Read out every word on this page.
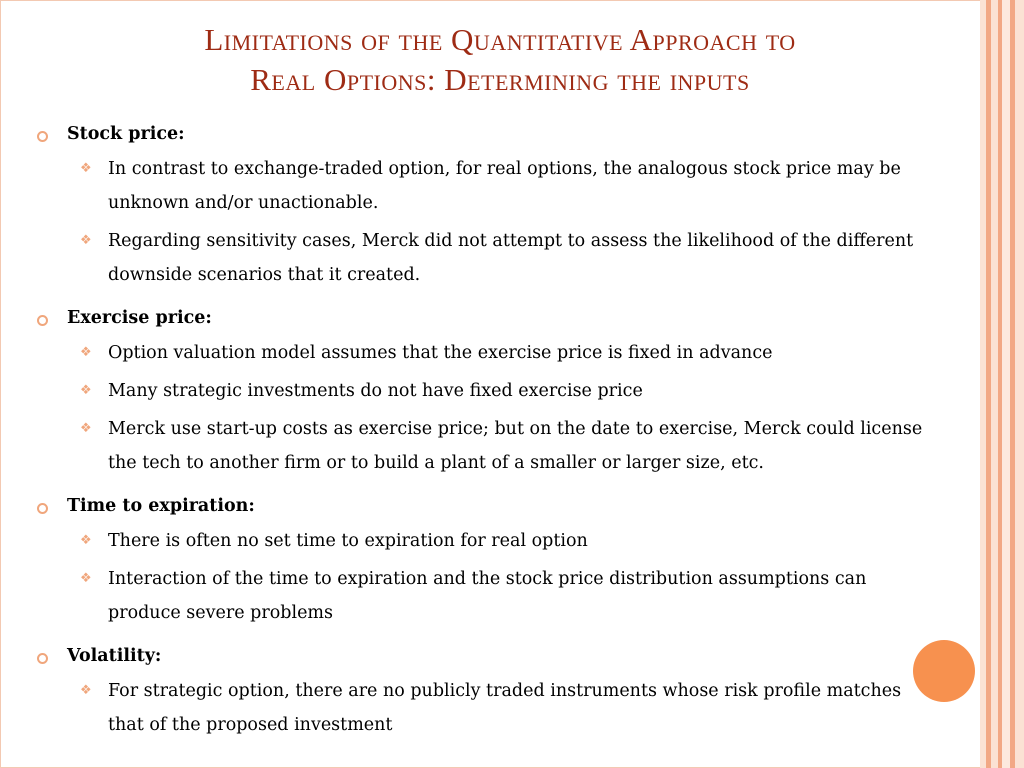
Limitations of the Quantitative Approach to
Real Options: Determining the inputs
Stock price:
❖ In contrast to exchange-traded option, for real options, the analogous stock price may be unknown and/or unactionable.
❖ Regarding sensitivity cases, Merck did not attempt to assess the likelihood of the different downside scenarios that it created.
Exercise price:
❖ Option valuation model assumes that the exercise price is fixed in advance
❖ Many strategic investments do not have fixed exercise price
❖ Merck use start-up costs as exercise price; but on the date to exercise, Merck could license the tech to another firm or to build a plant of a smaller or larger size, etc.
Time to expiration:
❖ There is often no set time to expiration for real option
❖ Interaction of the time to expiration and the stock price distribution assumptions can produce severe problems
Volatility:
❖ For strategic option, there are no publicly traded instruments whose risk profile matches that of the proposed investment
